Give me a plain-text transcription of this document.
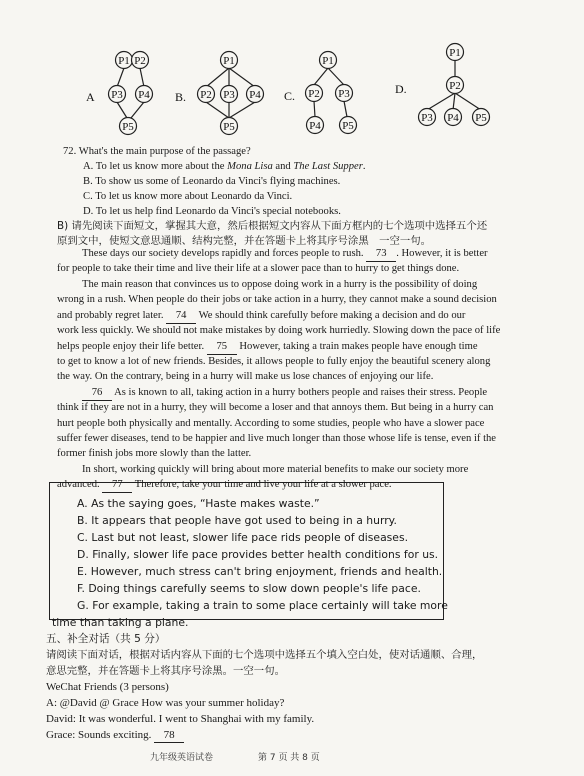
P1 P2
P3 P4
P5
P1
P2 P3 P4
P5
P1
P2 P3
P4 P5
P1
P2
P3 P4 P5
A	B.	C.	D.
72. What's the main purpose of the passage?
A. To let us know more about the Mona Lisa and The Last Supper.
B. To show us some of Leonardo da Vinci's flying machines.
C. To let us know more about Leonardo da Vinci.
D. To let us help find Leonardo da Vinci's special notebooks.
B) 请先阅读下面短文，掌握其大意，然后根据短文内容从下面方框内的七个选项中选择五个还
原到文中，使短文意思通顺、结构完整，并在答题卡上将其序号涂黑　一空一句。
These days our society develops rapidly and forces people to rush. 73 . However, it is better
for people to take their time and live their life at a slower pace than to hurry to get things done.
The main reason that convinces us to oppose doing work in a hurry is the possibility of doing
wrong in a rush. When people do their jobs or take action in a hurry, they cannot make a sound decision
and probably regret later. 74 We should think carefully before making a decision and do our
work less quickly. We should not make mistakes by doing work hurriedly. Slowing down the pace of life
helps people enjoy their life better. 75 However, taking a train makes people have enough time
to get to know a lot of new friends. Besides, it allows people to fully enjoy the beautiful scenery along
the way. On the contrary, being in a hurry will make us lose chances of enjoying our life.
76 As is known to all, taking action in a hurry bothers people and raises their stress. People
think if they are not in a hurry, they will become a loser and that annoys them. But being in a hurry can
hurt people both physically and mentally. According to some studies, people who have a slower pace
suffer fewer diseases, tend to be happier and live much longer than those whose life is tense, even if the
former finish jobs more slowly than the latter.
In short, working quickly will bring about more material benefits to make our society more
advanced. 77 Therefore, take your time and live your life at a slower pace.
A. As the saying goes, “Haste makes waste.”
B. It appears that people have got used to being in a hurry.
C. Last but not least, slower life pace rids people of diseases.
D. Finally, slower life pace provides better health conditions for us.
E. However, much stress can't bring enjoyment, friends and health.
F. Doing things carefully seems to slow down people's life pace.
G. For example, taking a train to some place certainly will take more
time than taking a plane.
五、补全对话（共 5 分）
请阅读下面对话，根据对话内容从下面的七个选项中选择五个填入空白处，使对话通顺、合理，
意思完整，并在答题卡上将其序号涂黑。一空一句。
WeChat Friends (3 persons)
A: @David @ Grace How was your summer holiday?
David: It was wonderful. I went to Shanghai with my family.
Grace: Sounds exciting. 78
九年级英语试卷	第 7 页 共 8 页
